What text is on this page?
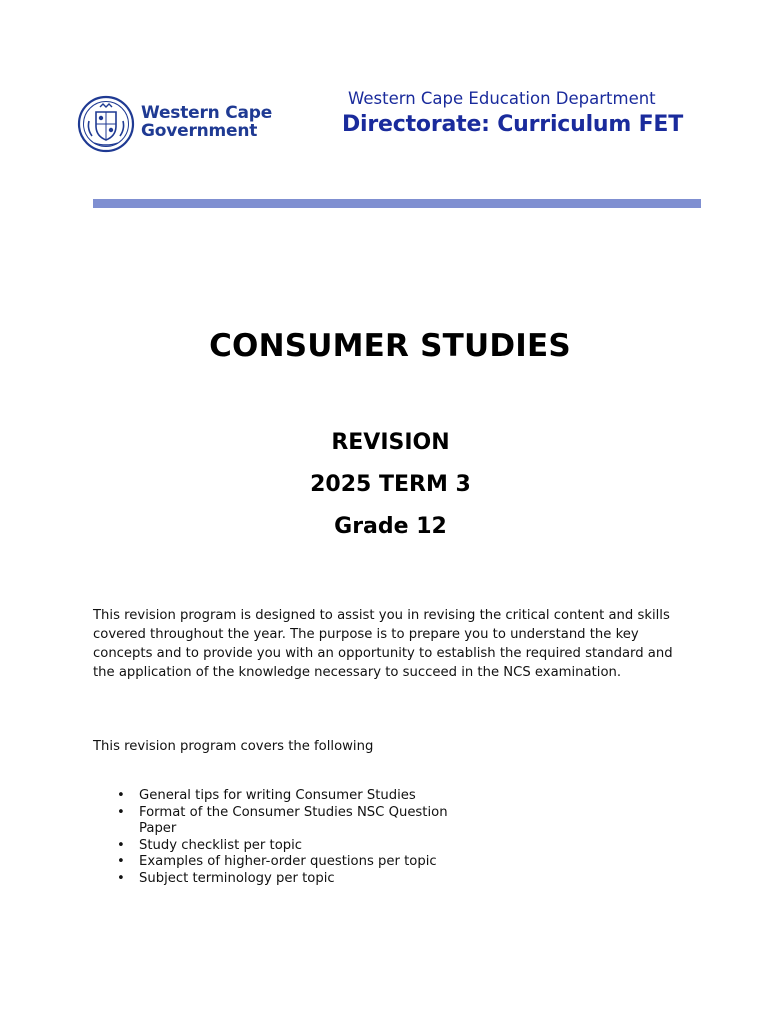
Western Cape
Government
Western Cape Education Department
Directorate: Curriculum FET
CONSUMER STUDIES
REVISION
2025 TERM 3
Grade 12

This revision program is designed to assist you in revising the critical content and skills covered throughout the year. The purpose is to prepare you to understand the key concepts and to provide you with an opportunity to establish the required standard and the application of the knowledge necessary to succeed in the NCS examination.

This revision program covers the following

• General tips for writing Consumer Studies
• Format of the Consumer Studies NSC Question Paper
• Study checklist per topic
• Examples of higher-order questions per topic
• Subject terminology per topic
